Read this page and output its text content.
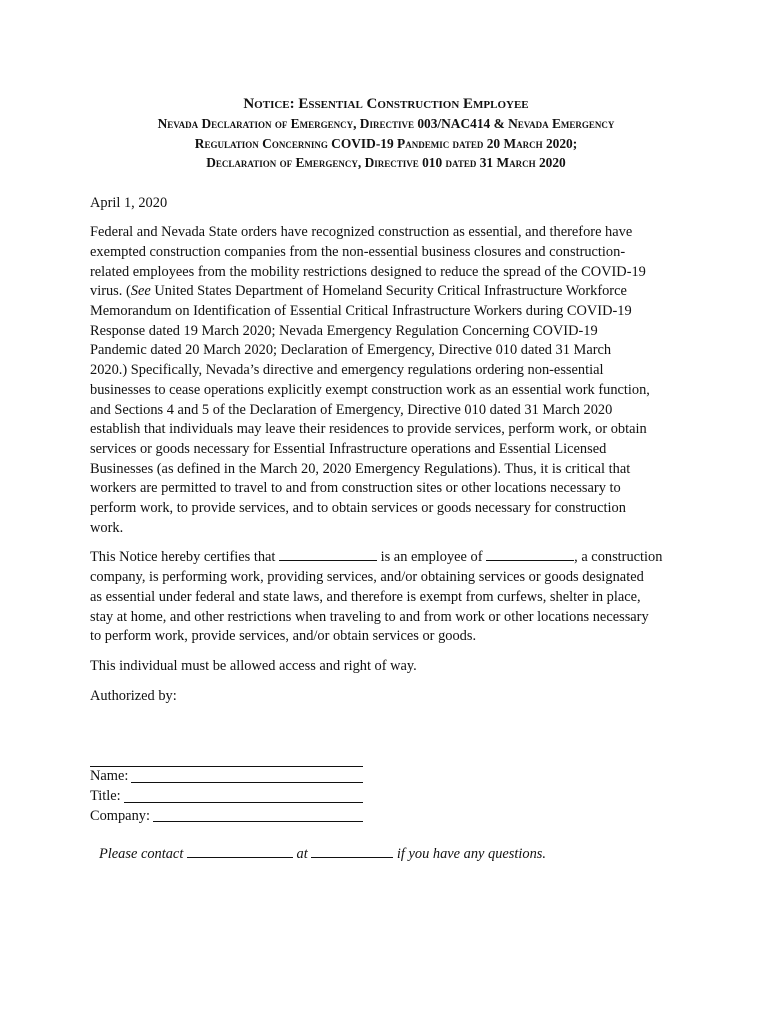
Notice: Essential Construction Employee
Nevada Declaration of Emergency, Directive 003/NAC414 & Nevada Emergency
Regulation Concerning COVID-19 Pandemic dated 20 March 2020;
Declaration of Emergency, Directive 010 dated 31 March 2020

April 1, 2020

Federal and Nevada State orders have recognized construction as essential, and therefore have
exempted construction companies from the non-essential business closures and construction-
related employees from the mobility restrictions designed to reduce the spread of the COVID-19
virus. (See United States Department of Homeland Security Critical Infrastructure Workforce
Memorandum on Identification of Essential Critical Infrastructure Workers during COVID-19
Response dated 19 March 2020; Nevada Emergency Regulation Concerning COVID-19
Pandemic dated 20 March 2020; Declaration of Emergency, Directive 010 dated 31 March
2020.) Specifically, Nevada’s directive and emergency regulations ordering non-essential
businesses to cease operations explicitly exempt construction work as an essential work function,
and Sections 4 and 5 of the Declaration of Emergency, Directive 010 dated 31 March 2020
establish that individuals may leave their residences to provide services, perform work, or obtain
services or goods necessary for Essential Infrastructure operations and Essential Licensed
Businesses (as defined in the March 20, 2020 Emergency Regulations). Thus, it is critical that
workers are permitted to travel to and from construction sites or other locations necessary to
perform work, to provide services, and to obtain services or goods necessary for construction
work.
This Notice hereby certifies that	is an employee of	, a construction
company, is performing work, providing services, and/or obtaining services or goods designated
as essential under federal and state laws, and therefore is exempt from curfews, shelter in place,
stay at home, and other restrictions when traveling to and from work or other locations necessary
to perform work, provide services, and/or obtain services or goods.

This individual must be allowed access and right of way.

Authorized by:

Name:
Title:
Company:
Please contact	at	if you have any questions.
